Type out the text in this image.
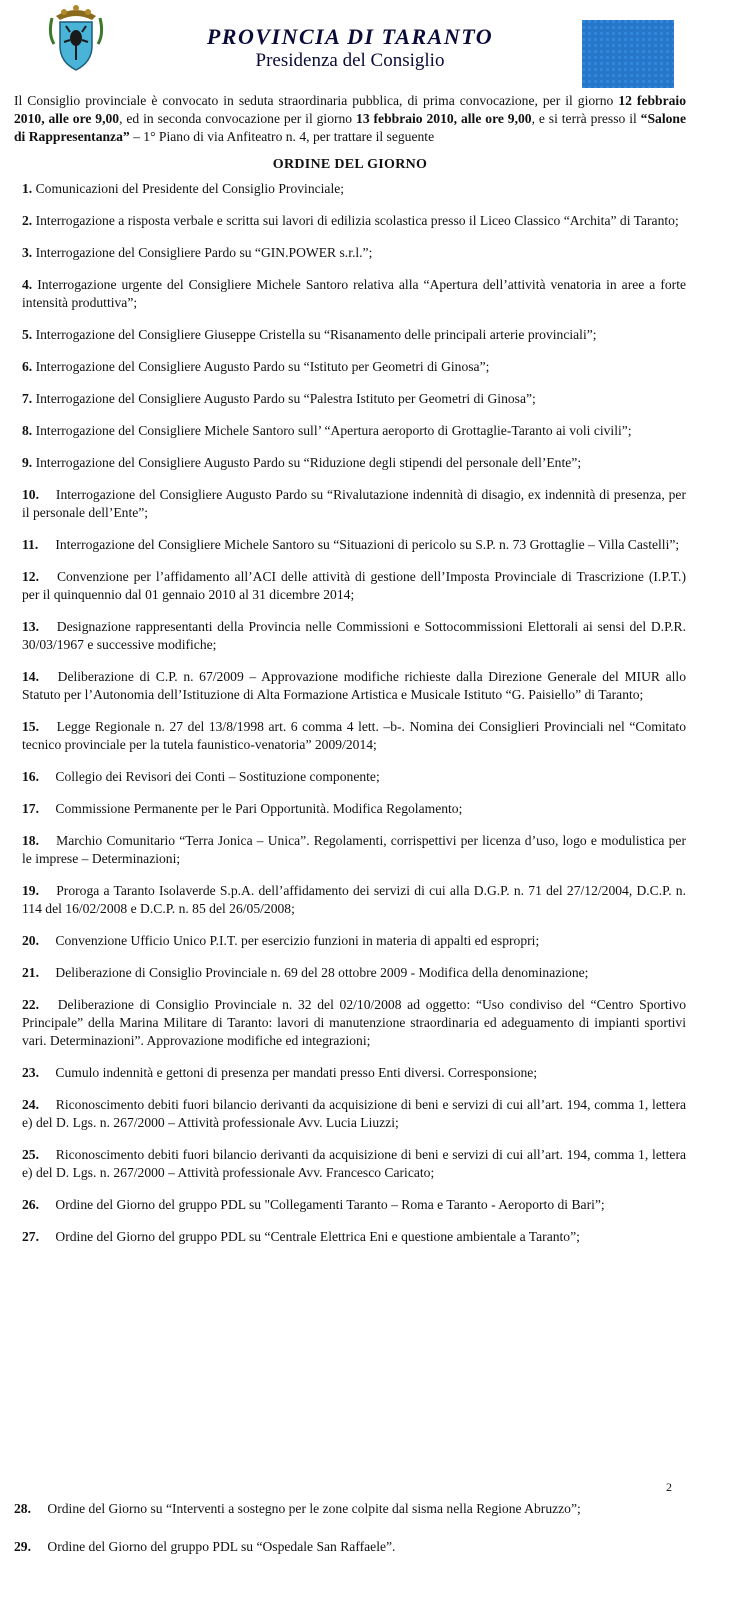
PROVINCIA DI TARANTO
Presidenza del Consiglio

Il Consiglio provinciale è convocato in seduta straordinaria pubblica, di prima convocazione, per il giorno 12 febbraio 2010, alle ore 9,00, ed in seconda convocazione per il giorno 13 febbraio 2010, alle ore 9,00, e si terrà presso il “Salone di Rappresentanza” – 1° Piano di via Anfiteatro n. 4, per trattare il seguente

ORDINE DEL GIORNO
1. Comunicazioni del Presidente del Consiglio Provinciale;
2. Interrogazione a risposta verbale e scritta sui lavori di edilizia scolastica presso il Liceo Classico “Archita” di Taranto;
3. Interrogazione del Consigliere Pardo su “GIN.POWER s.r.l.”;
4. Interrogazione urgente del Consigliere Michele Santoro relativa alla “Apertura dell’attività venatoria in aree a forte intensità produttiva”;
5. Interrogazione del Consigliere Giuseppe Cristella su “Risanamento delle principali arterie provinciali”;
6. Interrogazione del Consigliere Augusto Pardo su “Istituto per Geometri di Ginosa”;
7. Interrogazione del Consigliere Augusto Pardo su “Palestra Istituto per Geometri di Ginosa”;
8. Interrogazione del Consigliere Michele Santoro sull’ “Apertura aeroporto di Grottaglie-Taranto ai voli civili”;
9. Interrogazione del Consigliere Augusto Pardo su “Riduzione degli stipendi del personale dell’Ente”;
10. Interrogazione del Consigliere Augusto Pardo su “Rivalutazione indennità di disagio, ex indennità di presenza, per il personale dell’Ente”;
11. Interrogazione del Consigliere Michele Santoro su “Situazioni di pericolo su S.P. n. 73 Grottaglie – Villa Castelli”;
12. Convenzione per l’affidamento all’ACI delle attività di gestione dell’Imposta Provinciale di Trascrizione (I.P.T.) per il quinquennio dal 01 gennaio 2010 al 31 dicembre 2014;
13. Designazione rappresentanti della Provincia nelle Commissioni e Sottocommissioni Elettorali ai sensi del D.P.R. 30/03/1967 e successive modifiche;
14. Deliberazione di C.P. n. 67/2009 – Approvazione modifiche richieste dalla Direzione Generale del MIUR allo Statuto per l’Autonomia dell’Istituzione di Alta Formazione Artistica e Musicale Istituto “G. Paisiello” di Taranto;
15. Legge Regionale n. 27 del 13/8/1998 art. 6 comma 4 lett. –b-. Nomina dei Consiglieri Provinciali nel “Comitato tecnico provinciale per la tutela faunistico-venatoria” 2009/2014;
16. Collegio dei Revisori dei Conti – Sostituzione componente;
17. Commissione Permanente per le Pari Opportunità. Modifica Regolamento;
18. Marchio Comunitario “Terra Jonica – Unica”. Regolamenti, corrispettivi per licenza d’uso, logo e modulistica per le imprese – Determinazioni;
19. Proroga a Taranto Isolaverde S.p.A. dell’affidamento dei servizi di cui alla D.G.P. n. 71 del 27/12/2004, D.C.P. n. 114 del 16/02/2008 e D.C.P. n. 85 del 26/05/2008;
20. Convenzione Ufficio Unico P.I.T. per esercizio funzioni in materia di appalti ed espropri;
21. Deliberazione di Consiglio Provinciale n. 69 del 28 ottobre 2009 - Modifica della denominazione;
22. Deliberazione di Consiglio Provinciale n. 32 del 02/10/2008 ad oggetto: “Uso condiviso del “Centro Sportivo Principale” della Marina Militare di Taranto: lavori di manutenzione straordinaria ed adeguamento di impianti sportivi vari. Determinazioni”. Approvazione modifiche ed integrazioni;
23. Cumulo indennità e gettoni di presenza per mandati presso Enti diversi. Corresponsione;
24. Riconoscimento debiti fuori bilancio derivanti da acquisizione di beni e servizi di cui all’art. 194, comma 1, lettera e) del D. Lgs. n. 267/2000 – Attività professionale Avv. Lucia Liuzzi;
25. Riconoscimento debiti fuori bilancio derivanti da acquisizione di beni e servizi di cui all’art. 194, comma 1, lettera e) del D. Lgs. n. 267/2000 – Attività professionale Avv. Francesco Caricato;
26. Ordine del Giorno del gruppo PDL su "Collegamenti Taranto – Roma e Taranto - Aeroporto di Bari”;
27. Ordine del Giorno del gruppo PDL su “Centrale Elettrica Eni e questione ambientale a Taranto”;
2
28. Ordine del Giorno su “Interventi a sostegno per le zone colpite dal sisma nella Regione Abruzzo”;
29. Ordine del Giorno del gruppo PDL su “Ospedale San Raffaele”.
